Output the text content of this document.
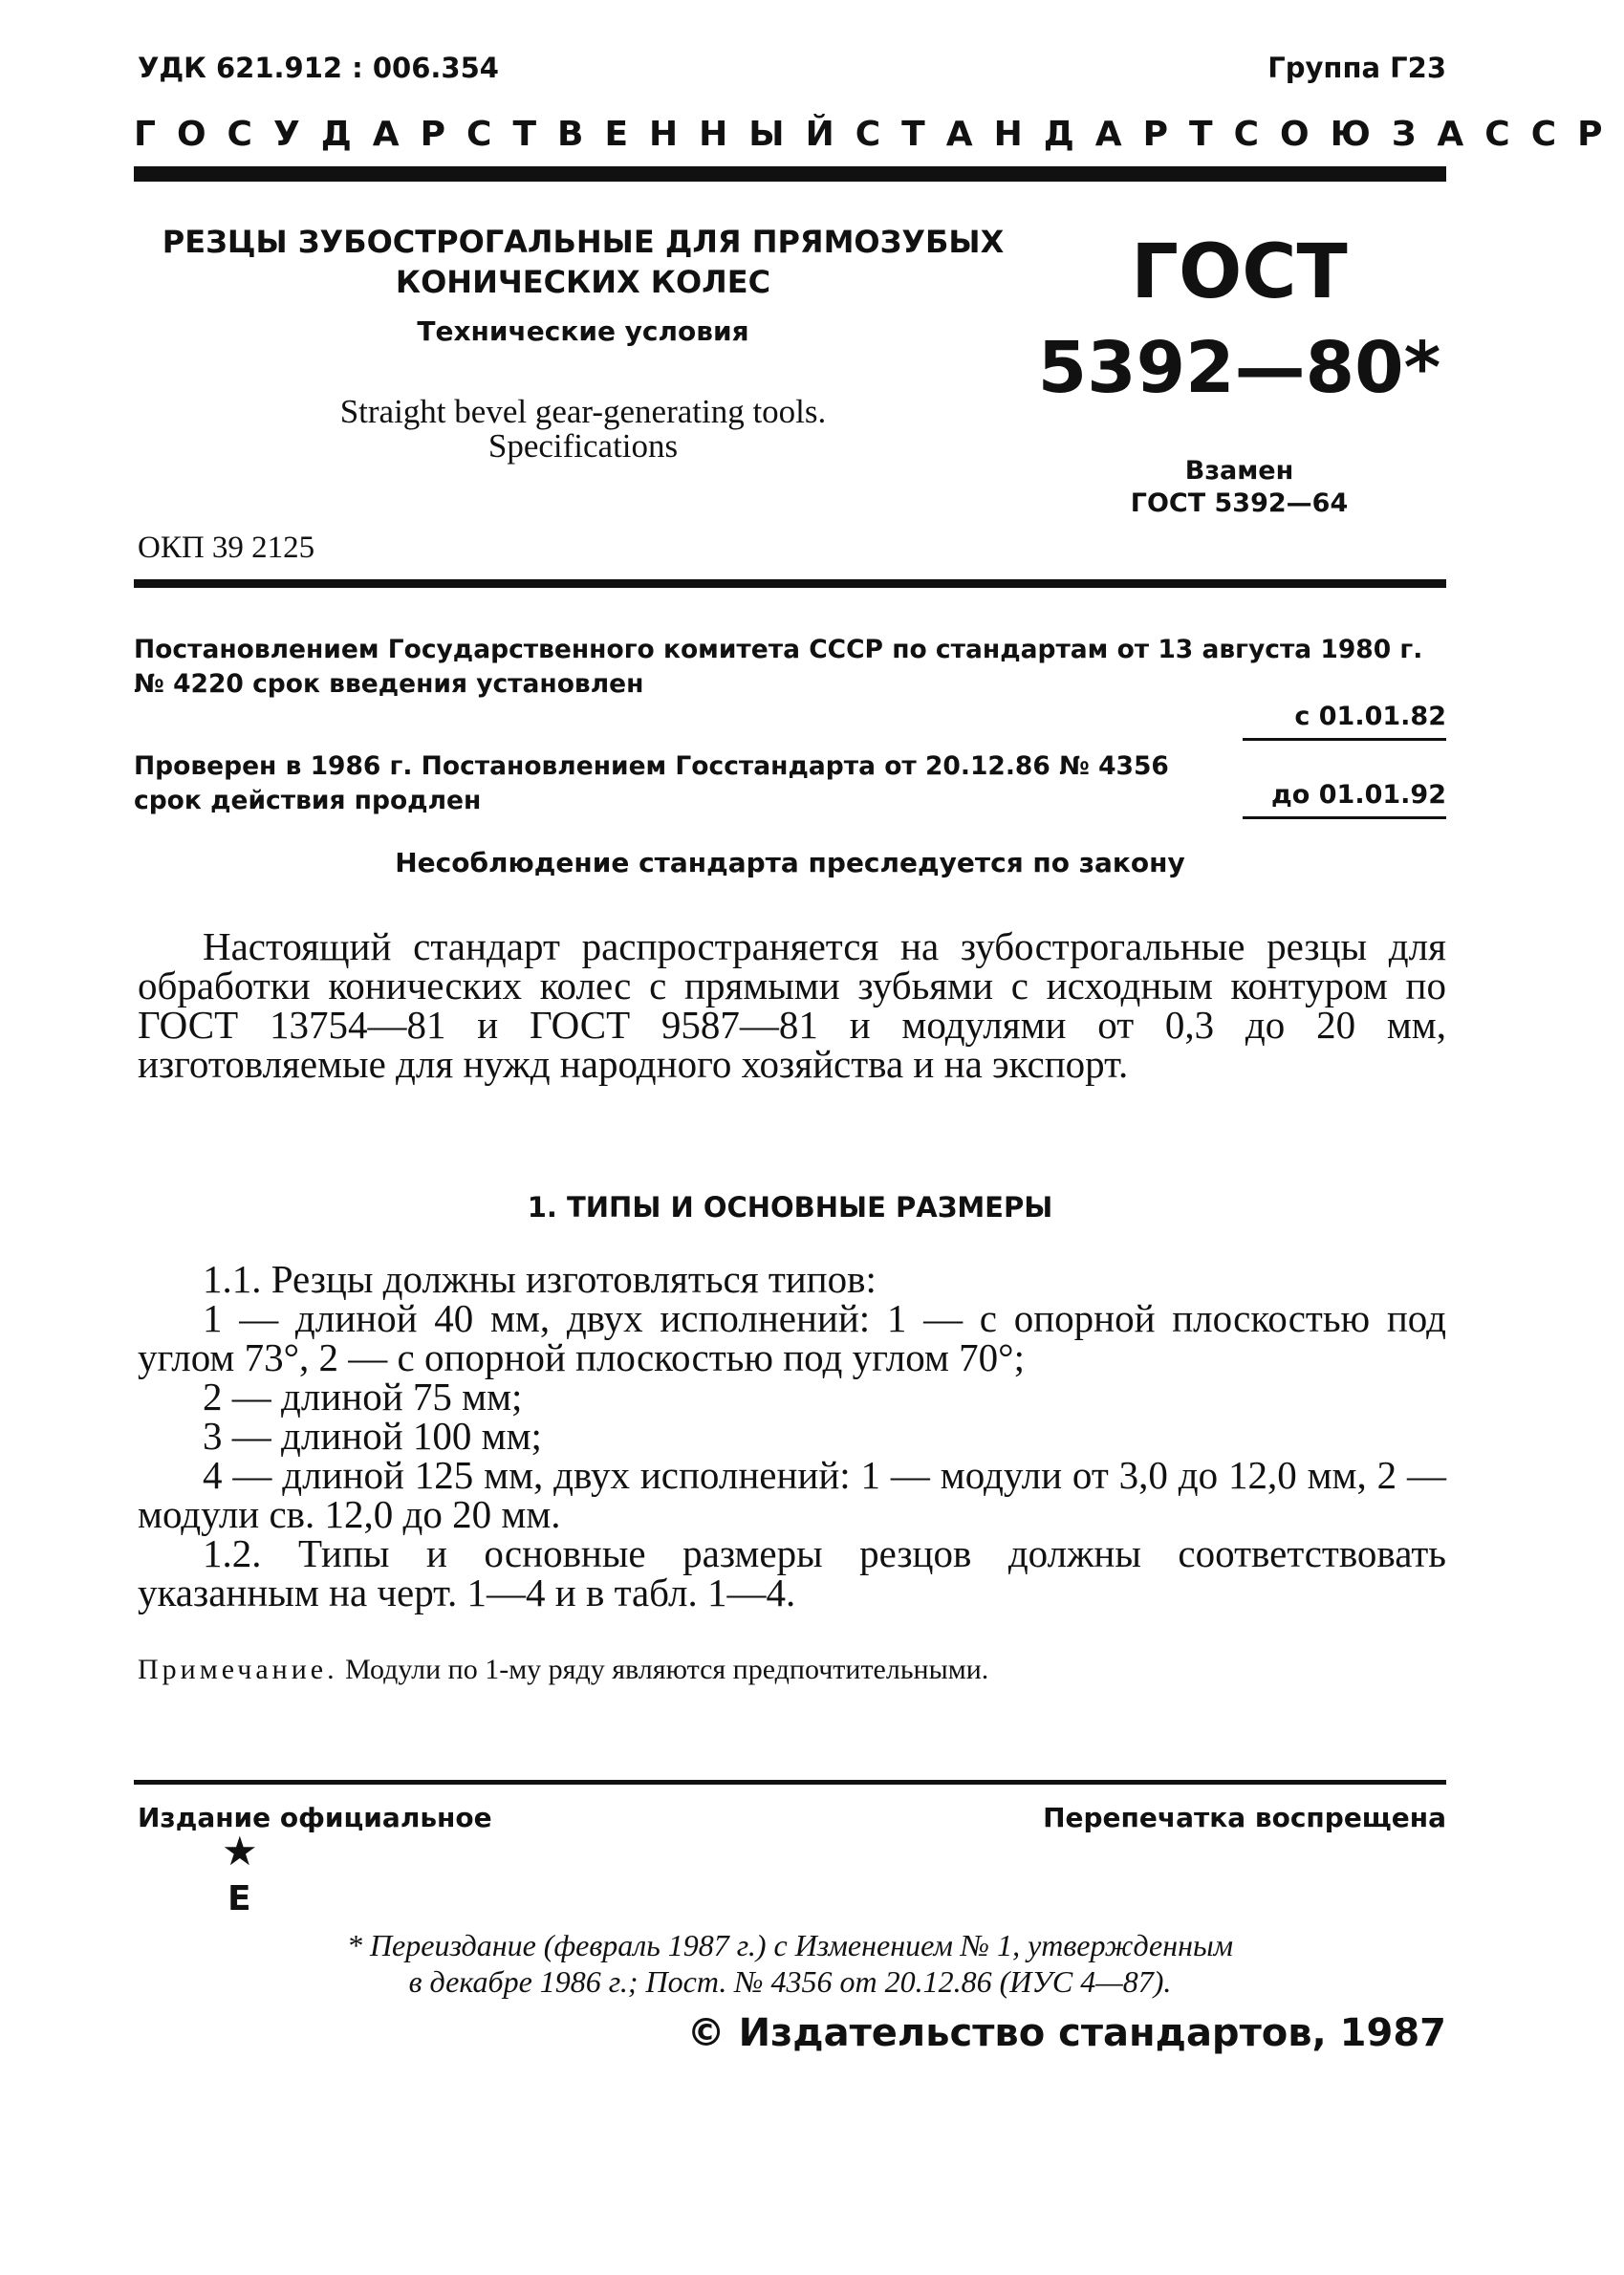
УДК 621.912 : 006.354	Группа Г23
ГОСУДАРСТВЕННЫЙ СТАНДАРТ СОЮЗА ССР
РЕЗЦЫ ЗУБОСТРОГАЛЬНЫЕ ДЛЯ ПРЯМОЗУБЫХ
КОНИЧЕСКИХ КОЛЕС
Технические условия
Straight bevel gear-generating tools.
Specifications
ГОСТ
5392—80*
Взамен
ГОСТ 5392—64
ОКП 39 2125
Постановлением Государственного комитета СССР по стандартам от 13 августа 1980 г. № 4220 срок введения установлен
с 01.01.82
Проверен в 1986 г. Постановлением Госстандарта от 20.12.86 № 4356 срок действия продлен	до 01.01.92
Несоблюдение стандарта преследуется по закону

Настоящий стандарт распространяется на зубострогальные резцы для обработки конических колес с прямыми зубьями с исходным контуром по ГОСТ 13754—81 и ГОСТ 9587—81 и модулями от 0,3 до 20 мм, изготовляемые для нужд народного хозяйства и на экспорт.

1. ТИПЫ И ОСНОВНЫЕ РАЗМЕРЫ

1.1. Резцы должны изготовляться типов:

1 — длиной 40 мм, двух исполнений: 1 — с опорной плоскостью под углом 73°, 2 — с опорной плоскостью под углом 70°;

2 — длиной 75 мм;

3 — длиной 100 мм;

4 — длиной 125 мм, двух исполнений: 1 — модули от 3,0 до 12,0 мм, 2 — модули св. 12,0 до 20 мм.

1.2. Типы и основные размеры резцов должны соответствовать указанным на черт. 1—4 и в табл. 1—4.

Примечание. Модули по 1-му ряду являются предпочтительными.
Издание официальное	Перепечатка воспрещена
★
Е
* Переиздание (февраль 1987 г.) с Изменением № 1, утвержденным
в декабре 1986 г.; Пост. № 4356 от 20.12.86 (ИУС 4—87).
© Издательство стандартов, 1987
